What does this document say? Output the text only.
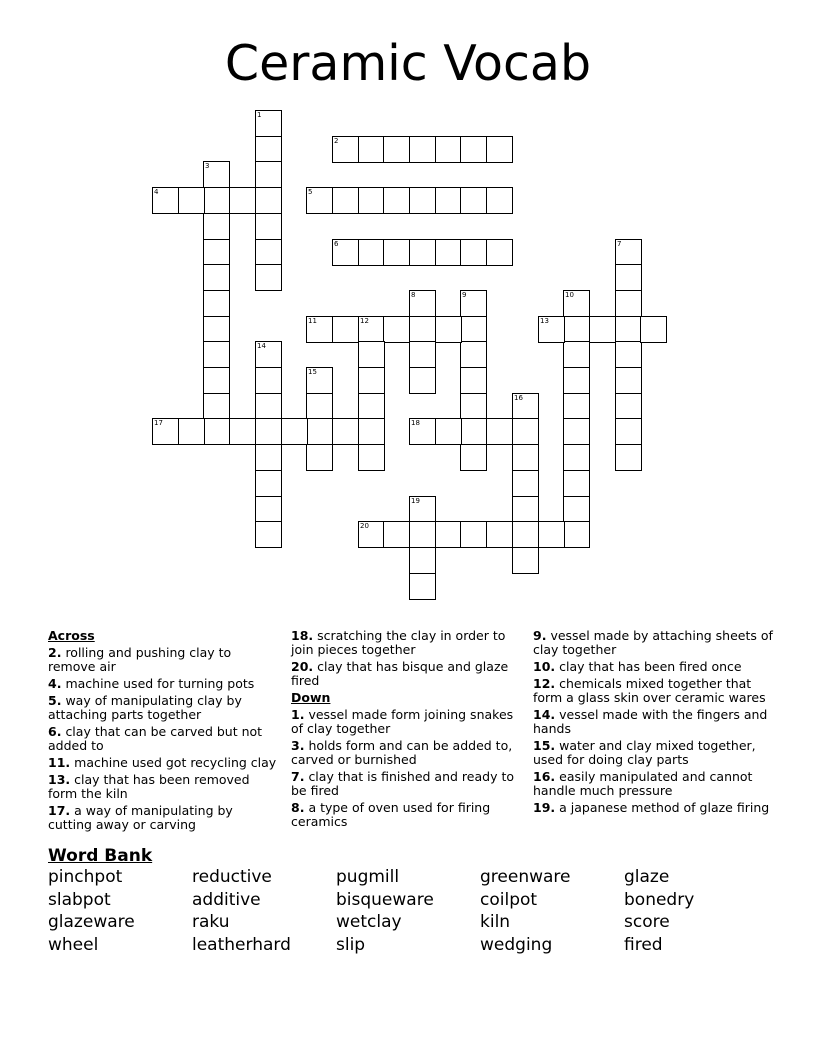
Ceramic Vocab
1
2
3
4	5
6	7
8	9	10
11	12	13
14
15
16
17	18
19
20
Across
2. rolling and pushing clay to remove air
4. machine used for turning pots
5. way of manipulating clay by attaching parts together
6. clay that can be carved but not added to
11. machine used got recycling clay
13. clay that has been removed form the kiln
17. a way of manipulating by cutting away or carving
18. scratching the clay in order to join pieces together
20. clay that has bisque and glaze fired
Down
1. vessel made form joining snakes of clay together
3. holds form and can be added to, carved or burnished
7. clay that is finished and ready to be fired
8. a type of oven used for firing ceramics
9. vessel made by attaching sheets of clay together
10. clay that has been fired once
12. chemicals mixed together that form a glass skin over ceramic wares
14. vessel made with the fingers and hands
15. water and clay mixed together, used for doing clay parts
16. easily manipulated and cannot handle much pressure
19. a japanese method of glaze firing
Word Bank
pinchpot	reductive	pugmill	greenware	glaze
slabpot	additive	bisqueware	coilpot	bonedry
glazeware	raku	wetclay	kiln	score
wheel	leatherhard	slip	wedging	fired
